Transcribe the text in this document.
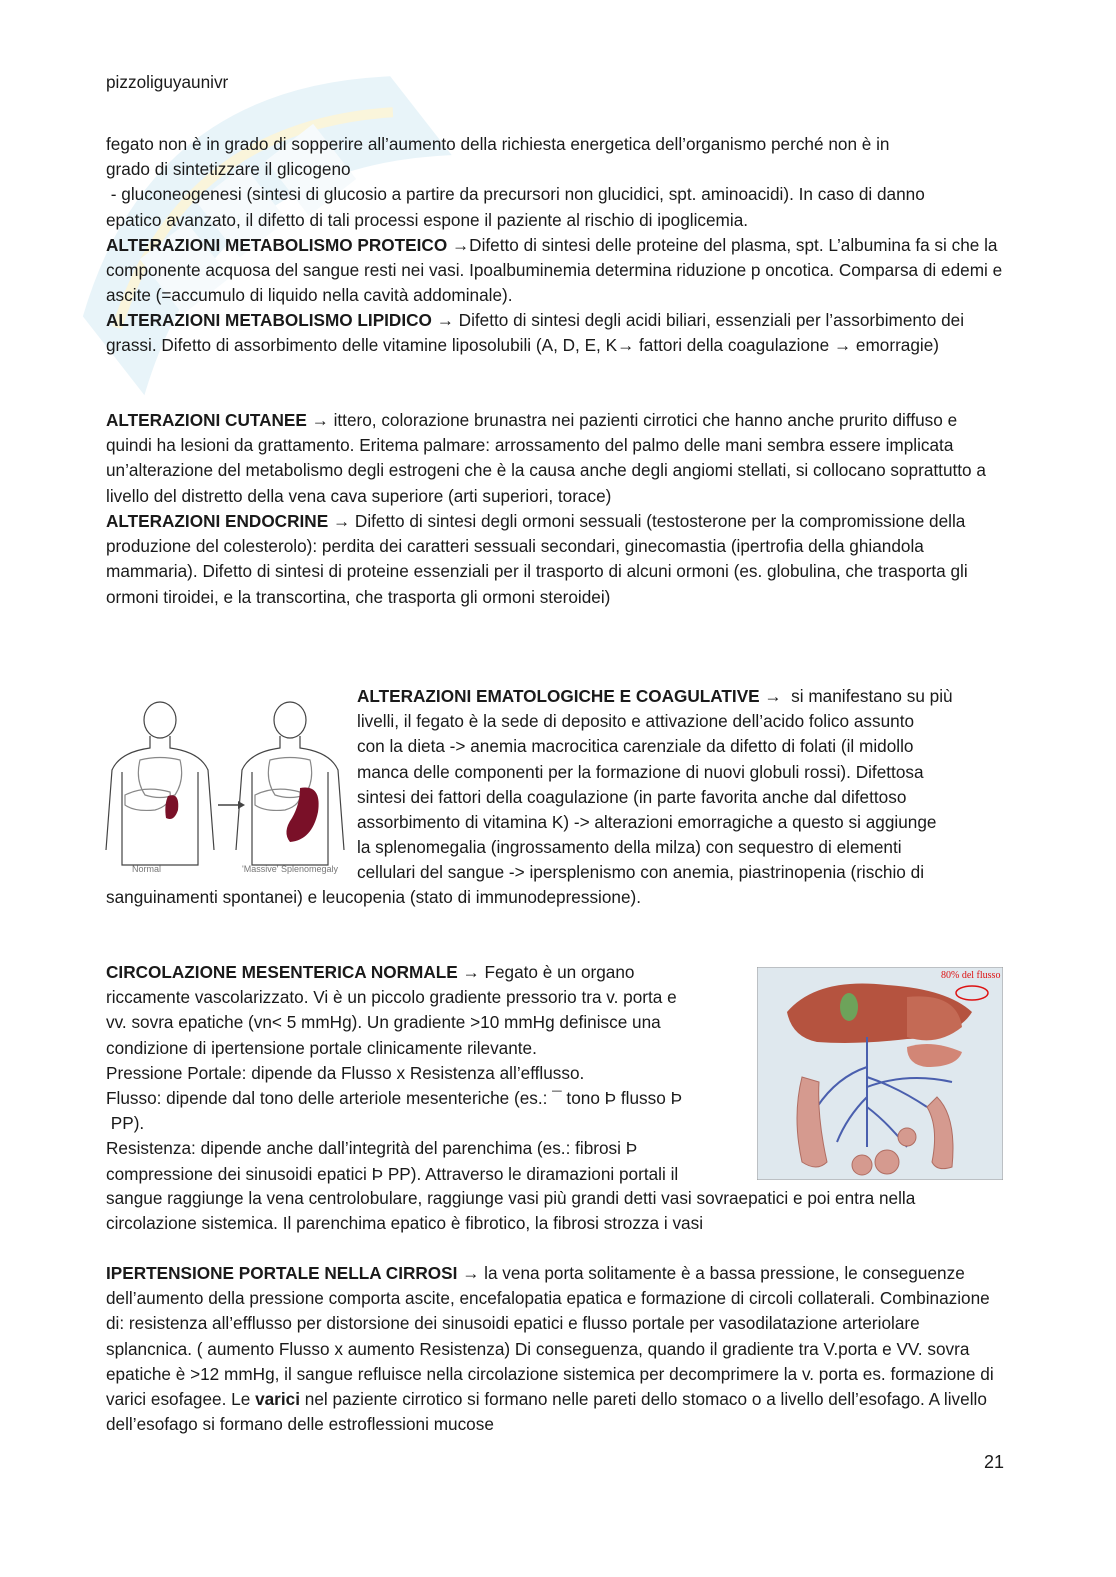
pizzoliguyaunivr

fegato non è in grado di sopperire all’aumento della richiesta energetica dell’organismo perché non è in

grado di sintetizzare il glicogeno

- gluconeogenesi (sintesi di glucosio a partire da precursori non glucidici, spt. aminoacidi). In caso di danno

epatico avanzato, il difetto di tali processi espone il paziente al rischio di ipoglicemia.

ALTERAZIONI METABOLISMO PROTEICO →Difetto di sintesi delle proteine del plasma, spt. L’albumina fa si che la componente acquosa del sangue resti nei vasi. Ipoalbuminemia determina riduzione p oncotica. Comparsa di edemi e ascite (=accumulo di liquido nella cavità addominale).

ALTERAZIONI METABOLISMO LIPIDICO → Difetto di sintesi degli acidi biliari, essenziali per l’assorbimento dei grassi. Difetto di assorbimento delle vitamine liposolubili (A, D, E, K→ fattori della coagulazione → emorragie)

ALTERAZIONI CUTANEE → ittero, colorazione brunastra nei pazienti cirrotici che hanno anche prurito diffuso e quindi ha lesioni da grattamento. Eritema palmare: arrossamento del palmo delle mani sembra essere implicata un’alterazione del metabolismo degli estrogeni che è la causa anche degli angiomi stellati, si collocano soprattutto a livello del distretto della vena cava superiore (arti superiori, torace)

ALTERAZIONI ENDOCRINE → Difetto di sintesi degli ormoni sessuali (testosterone per la compromissione della produzione del colesterolo): perdita dei caratteri sessuali secondari, ginecomastia (ipertrofia della ghiandola mammaria). Difetto di sintesi di proteine essenziali per il trasporto di alcuni ormoni (es. globulina, che trasporta gli ormoni tiroidei, e la transcortina, che trasporta gli ormoni steroidei)

Normal	'Massive' Splenomegaly

ALTERAZIONI EMATOLOGICHE E COAGULATIVE →  si manifestano su più

livelli, il fegato è la sede di deposito e attivazione dell’acido folico assunto

con la dieta -> anemia macrocitica carenziale da difetto di folati (il midollo

manca delle componenti per la formazione di nuovi globuli rossi). Difettosa

sintesi dei fattori della coagulazione (in parte favorita anche dal difettoso

assorbimento di vitamina K) -> alterazioni emorragiche a questo si aggiunge

la splenomegalia (ingrossamento della milza) con sequestro di elementi

cellulari del sangue -> ipersplenismo con anemia, piastrinopenia (rischio di

sanguinamenti spontanei) e leucopenia (stato di immunodepressione).

CIRCOLAZIONE MESENTERICA NORMALE → Fegato è un organo

riccamente vascolarizzato. Vi è un piccolo gradiente pressorio tra v. porta e

vv. sovra epatiche (vn< 5 mmHg). Un gradiente >10 mmHg definisce una

condizione di ipertensione portale clinicamente rilevante.

Pressione Portale: dipende da Flusso x Resistenza all’efflusso.

Flusso: dipende dal tono delle arteriole mesenteriche (es.: ¯ tono Þ flusso Þ

PP).

Resistenza: dipende anche dall’integrità del parenchima (es.: fibrosi Þ

compressione dei sinusoidi epatici Þ PP). Attraverso le diramazioni portali il

sangue raggiunge la vena centrolobulare, raggiunge vasi più grandi detti vasi sovraepatici e poi entra nella circolazione sistemica. Il parenchima epatico è fibrotico, la fibrosi strozza i vasi

80% del flusso

IPERTENSIONE PORTALE NELLA CIRROSI → la vena porta solitamente è a bassa pressione, le conseguenze dell’aumento della pressione comporta ascite, encefalopatia epatica e formazione di circoli collaterali. Combinazione di: resistenza all’efflusso per distorsione dei sinusoidi epatici e flusso portale per vasodilatazione arteriolare splancnica. ( aumento Flusso x aumento Resistenza) Di conseguenza, quando il gradiente tra V.porta e VV. sovra epatiche è >12 mmHg, il sangue refluisce nella circolazione sistemica per decomprimere la v. porta es. formazione di varici esofagee. Le varici nel paziente cirrotico si formano nelle pareti dello stomaco o a livello dell’esofago. A livello dell’esofago si formano delle estroflessioni mucose

21
